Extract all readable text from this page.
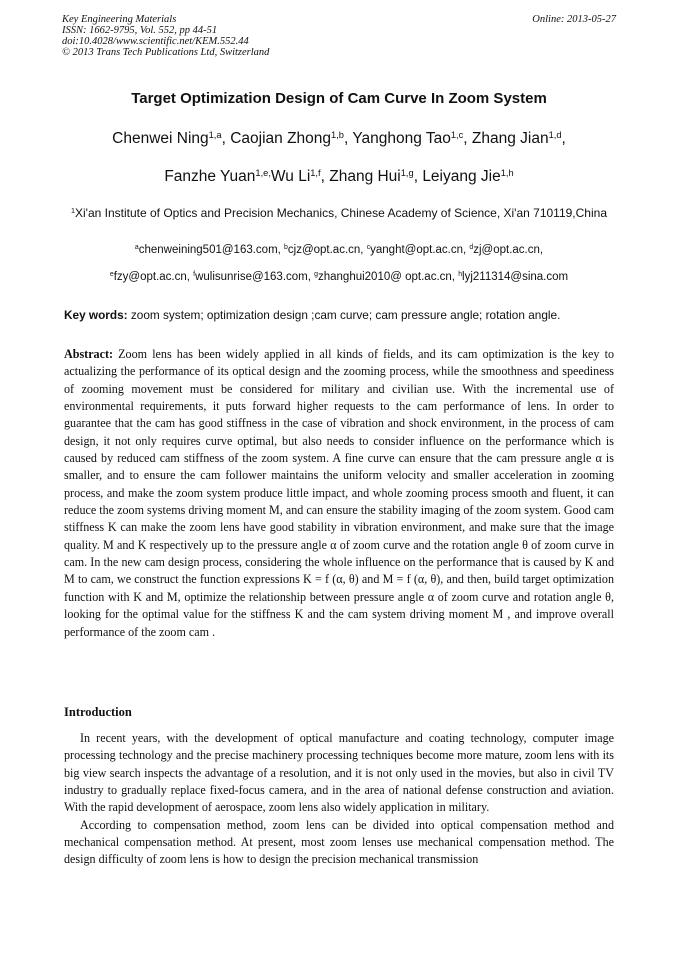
Key Engineering Materials
ISSN: 1662-9795, Vol. 552, pp 44-51
doi:10.4028/www.scientific.net/KEM.552.44
© 2013 Trans Tech Publications Ltd, Switzerland
Online: 2013-05-27
Target Optimization Design of Cam Curve In Zoom System
Chenwei Ning$^{1,a}$, Caojian Zhong$^{1,b}$, Yanghong Tao$^{1,c}$, Zhang Jian$^{1,d}$,
Fanzhe Yuan$^{1,e,}$Wu Li$^{1,f}$, Zhang Hui$^{1,g}$, Leiyang Jie$^{1,h}$
$^1$Xi'an Institute of Optics and Precision Mechanics, Chinese Academy of Science, Xi'an 710119,China
$^a$chenweining501@163.com, $^b$cjz@opt.ac.cn, $^c$yanght@opt.ac.cn, $^d$zj@opt.ac.cn,
$^e$fzy@opt.ac.cn, $^f$wulisunrise@163.com, $^g$zhanghui2010@ opt.ac.cn, $^h$lyj211314@sina.com
Key words: zoom system; optimization design ;cam curve; cam pressure angle; rotation angle.
Abstract: Zoom lens has been widely applied in all kinds of fields, and its cam optimization is the key to actualizing the performance of its optical design and the zooming process, while the smoothness and speediness of zooming movement must be considered for military and civilian use. With the incremental use of environmental requirements, it puts forward higher requests to the cam performance of lens. In order to guarantee that the cam has good stiffness in the case of vibration and shock environment, in the process of cam design, it not only requires curve optimal, but also needs to consider influence on the performance which is caused by reduced cam stiffness of the zoom system. A fine curve can ensure that the cam pressure angle α is smaller, and to ensure the cam follower maintains the uniform velocity and smaller acceleration in zooming process, and make the zoom system produce little impact, and whole zooming process smooth and fluent, it can reduce the zoom systems driving moment M, and can ensure the stability imaging of the zoom system. Good cam stiffness K can make the zoom lens have good stability in vibration environment, and make sure that the image quality. M and K respectively up to the pressure angle α of zoom curve and the rotation angle θ of zoom curve in cam. In the new cam design process, considering the whole influence on the performance that is caused by K and M to cam, we construct the function expressions K = f (α, θ) and M = f (α, θ), and then, build target optimization function with K and M, optimize the relationship between pressure angle α of zoom curve and rotation angle θ, looking for the optimal value for the stiffness K and the cam system driving moment M , and improve overall performance of the zoom cam .
Introduction

In recent years, with the development of optical manufacture and coating technology, computer image processing technology and the precise machinery processing techniques become more mature, zoom lens with its big view search inspects the advantage of a resolution, and it is not only used in the movies, but also in civil TV industry to gradually replace fixed-focus camera, and in the area of national defense construction and aviation. With the rapid development of aerospace, zoom lens also widely application in military.

According to compensation method, zoom lens can be divided into optical compensation method and mechanical compensation method. At present, most zoom lenses use mechanical compensation method. The design difficulty of zoom lens is how to design the precision mechanical transmission
